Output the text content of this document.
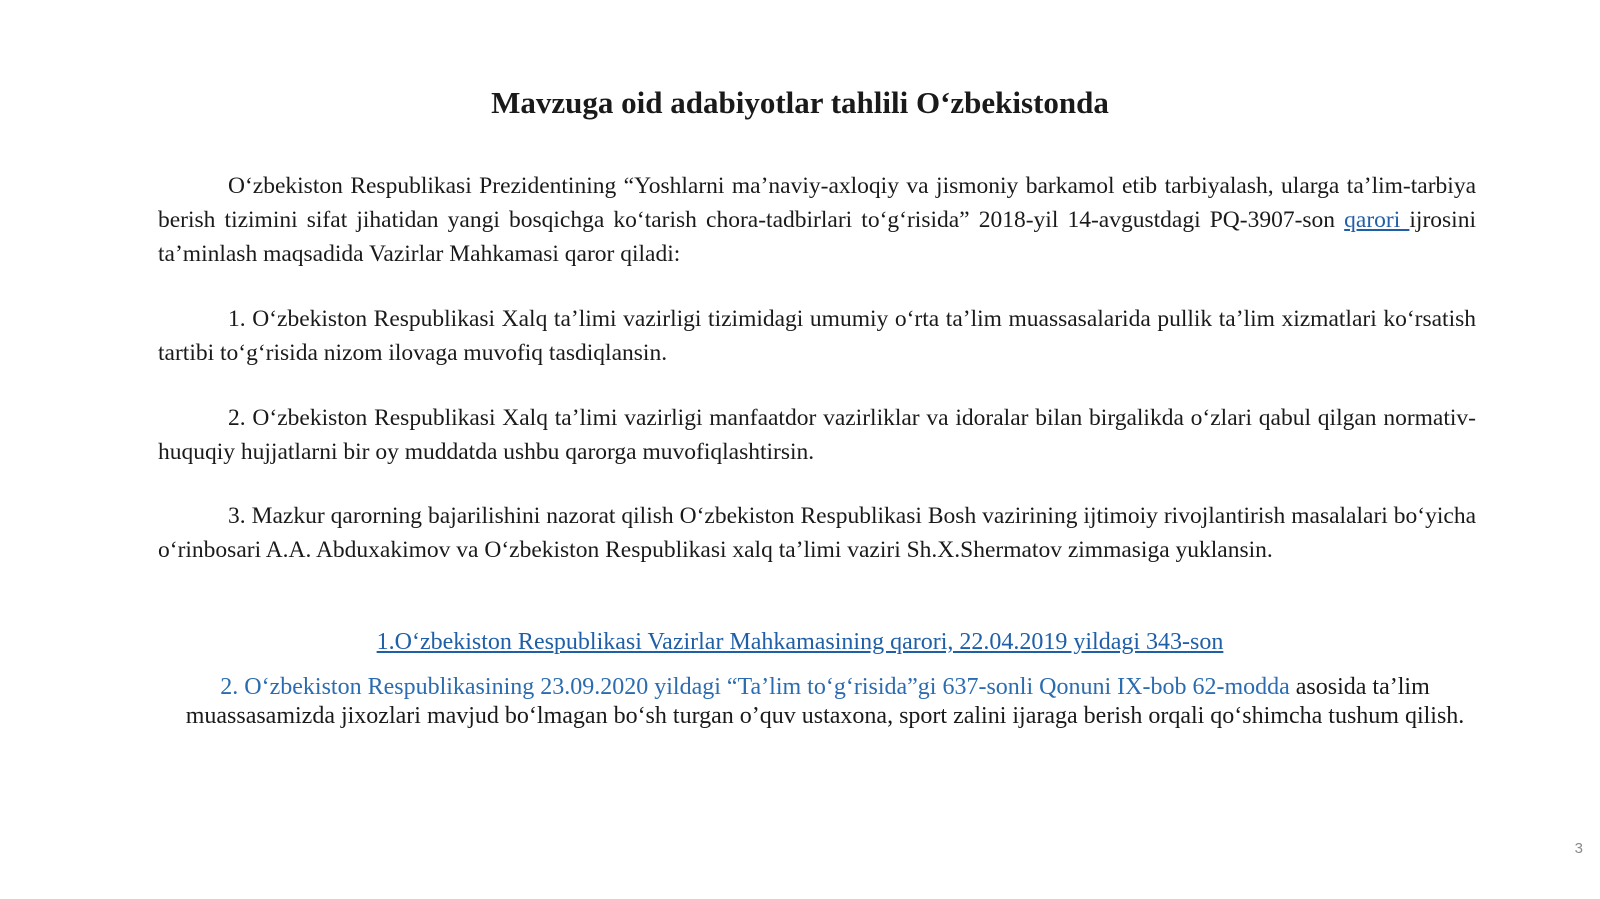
Mavzuga oid adabiyotlar tahlili O‘zbekistonda

O‘zbekiston Respublikasi Prezidentining “Yoshlarni ma’naviy-axloqiy va jismoniy barkamol etib tarbiyalash, ularga ta’lim-tarbiya berish tizimini sifat jihatidan yangi bosqichga ko‘tarish chora-tadbirlari to‘g‘risida” 2018-yil 14-avgustdagi PQ-3907-son qarori ijrosini ta’minlash maqsadida Vazirlar Mahkamasi qaror qiladi:

1. O‘zbekiston Respublikasi Xalq ta’limi vazirligi tizimidagi umumiy o‘rta ta’lim muassasalarida pullik ta’lim xizmatlari ko‘rsatish tartibi to‘g‘risida nizom ilovaga muvofiq tasdiqlansin.

2. O‘zbekiston Respublikasi Xalq ta’limi vazirligi manfaatdor vazirliklar va idoralar bilan birgalikda o‘zlari qabul qilgan normativ-huquqiy hujjatlarni bir oy muddatda ushbu qarorga muvofiqlashtirsin.

3. Mazkur qarorning bajarilishini nazorat qilish O‘zbekiston Respublikasi Bosh vazirining ijtimoiy rivojlantirish masalalari bo‘yicha o‘rinbosari A.A. Abduxakimov va O‘zbekiston Respublikasi xalq ta’limi vaziri Sh.X.Shermatov zimmasiga yuklansin.

1.O‘zbekiston Respublikasi Vazirlar Mahkamasining qarori, 22.04.2019 yildagi 343-son

2. O‘zbekiston Respublikasining 23.09.2020 yildagi “Ta’lim to‘g‘risida”gi 637-sonli Qonuni IX-bob 62-modda asosida ta’lim muassasamizda jixozlari mavjud bo‘lmagan bo‘sh turgan o’quv ustaxona, sport zalini ijaraga berish orqali qo‘shimcha tushum qilish.

3
